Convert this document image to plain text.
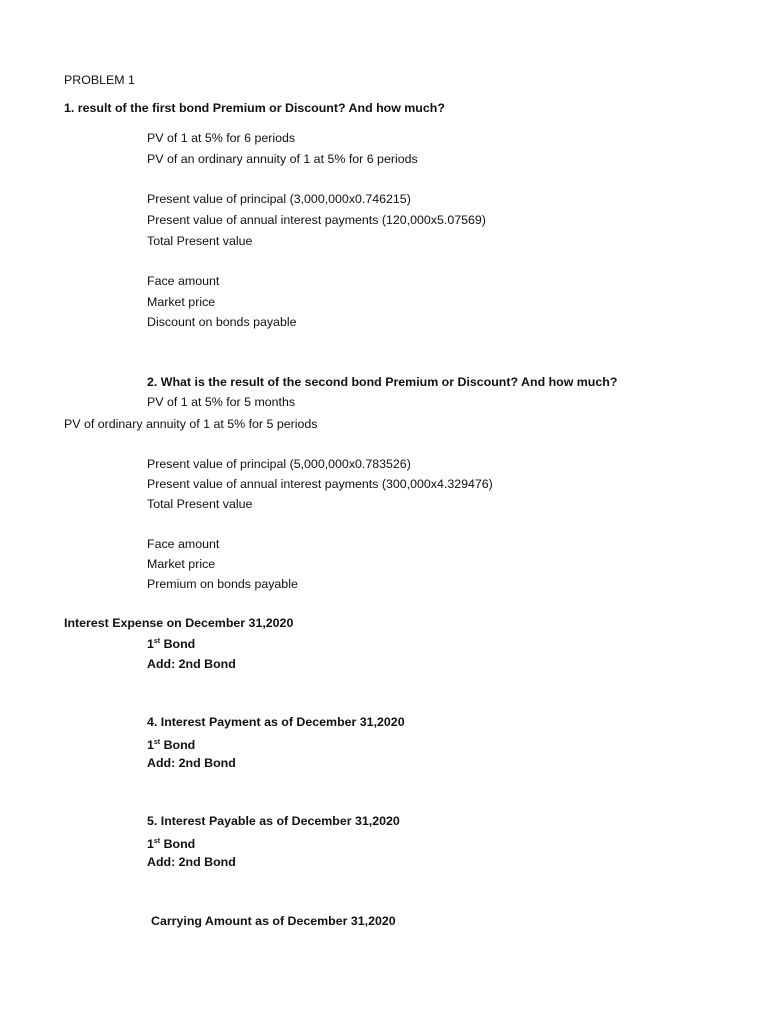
PROBLEM 1
1. result of the first bond Premium or Discount? And how much?
PV of 1 at 5% for 6 periods
PV of an ordinary annuity of 1 at 5% for 6 periods
Present value of principal (3,000,000x0.746215)
Present value of annual interest payments (120,000x5.07569)
Total Present value
Face amount
Market price
Discount on bonds payable
2. What is the result of the second bond Premium or Discount? And how much?
PV of 1 at 5% for 5 months
PV of ordinary annuity of 1 at 5% for 5 periods
Present value of principal (5,000,000x0.783526)
Present value of annual interest payments (300,000x4.329476)
Total Present value
Face amount
Market price
Premium on bonds payable
Interest Expense on December 31,2020
1st Bond
Add: 2nd Bond
4. Interest Payment as of December 31,2020
1st Bond
Add: 2nd Bond
5. Interest Payable as of December 31,2020
1st Bond
Add: 2nd Bond
Carrying Amount as of December 31,2020
